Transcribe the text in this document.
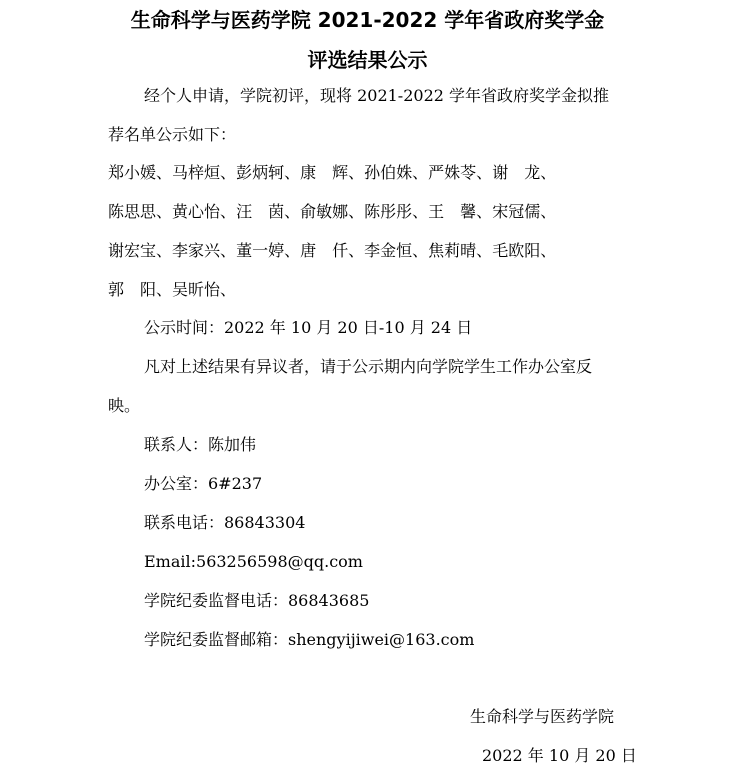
生命科学与医药学院 2021-2022 学年省政府奖学金
评选结果公示
经个人申请，学院初评，现将 2021-2022 学年省政府奖学金拟推
荐名单公示如下：
郑小媛、马梓烜、彭炳轲、康　辉、孙伯姝、严姝苓、谢　龙、
陈思思、黄心怡、汪　茵、俞敏娜、陈彤彤、王　馨、宋冠儒、
谢宏宝、李家兴、董一婷、唐　仟、李金恒、焦莉晴、毛欧阳、
郭　阳、吴昕怡、
公示时间：2022 年 10 月 20 日-10 月 24 日
凡对上述结果有异议者，请于公示期内向学院学生工作办公室反
映。
联系人：陈加伟
办公室：6#237
联系电话：86843304
Email:563256598@qq.com
学院纪委监督电话：86843685
学院纪委监督邮箱：shengyijiwei@163.com
生命科学与医药学院
2022 年 10 月 20 日
